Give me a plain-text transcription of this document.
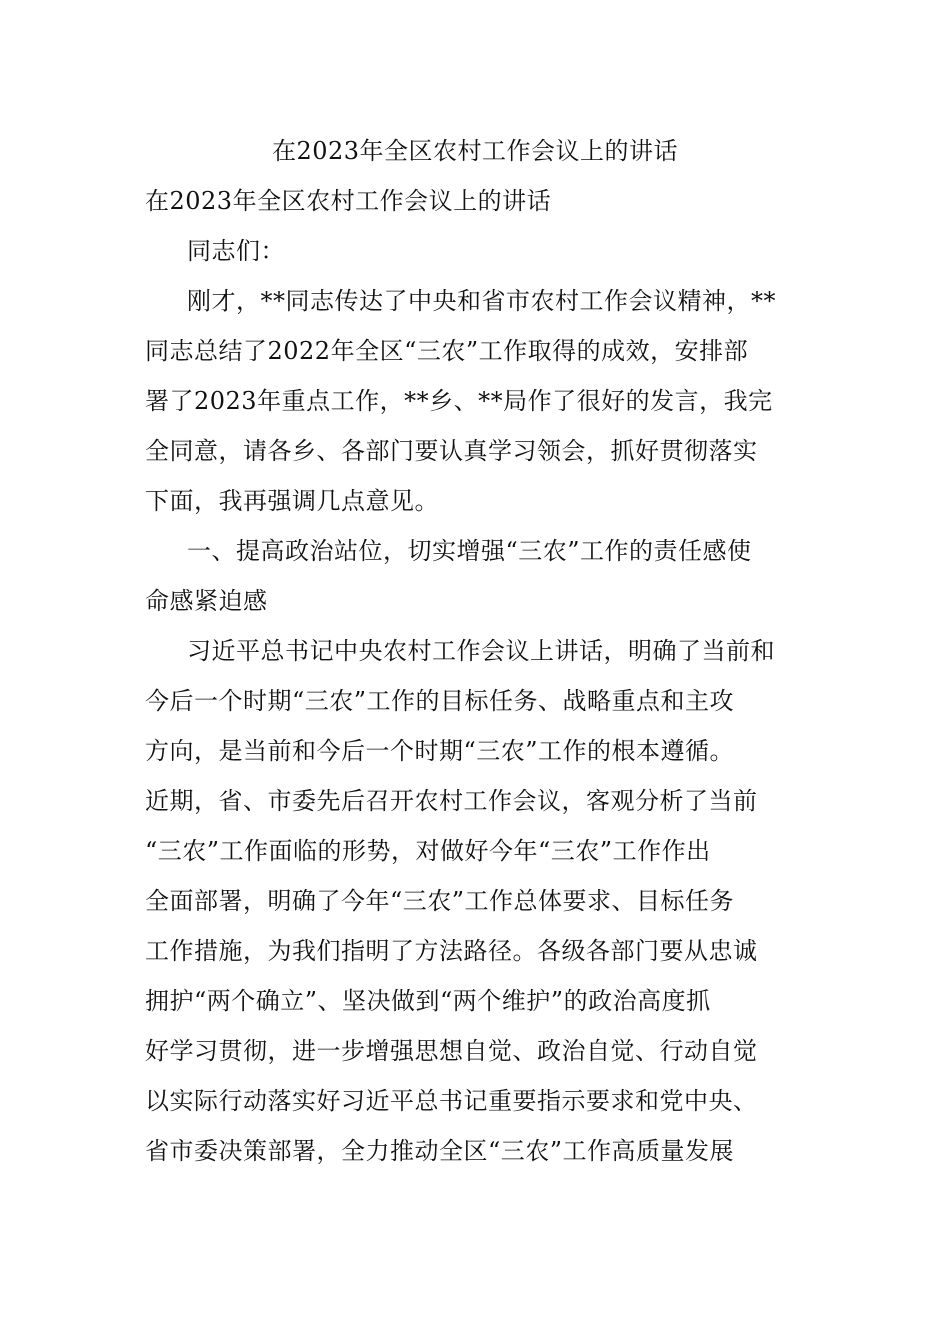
在2023年全区农村工作会议上的讲话

在2023年全区农村工作会议上的讲话

同志们：

刚才，**同志传达了中央和省市农村工作会议精神，**

同志总结了2022年全区“三农”工作取得的成效，安排部

署了2023年重点工作，**乡、**局作了很好的发言，我完

全同意，请各乡、各部门要认真学习领会，抓好贯彻落实

下面，我再强调几点意见。

一、提高政治站位，切实增强“三农”工作的责任感使

命感紧迫感

习近平总书记中央农村工作会议上讲话，明确了当前和

今后一个时期“三农”工作的目标任务、战略重点和主攻

方向，是当前和今后一个时期“三农”工作的根本遵循。

近期，省、市委先后召开农村工作会议，客观分析了当前

“三农”工作面临的形势，对做好今年“三农”工作作出

全面部署，明确了今年“三农”工作总体要求、目标任务

工作措施，为我们指明了方法路径。各级各部门要从忠诚

拥护“两个确立”、坚决做到“两个维护”的政治高度抓

好学习贯彻，进一步增强思想自觉、政治自觉、行动自觉

以实际行动落实好习近平总书记重要指示要求和党中央、

省市委决策部署，全力推动全区“三农”工作高质量发展
